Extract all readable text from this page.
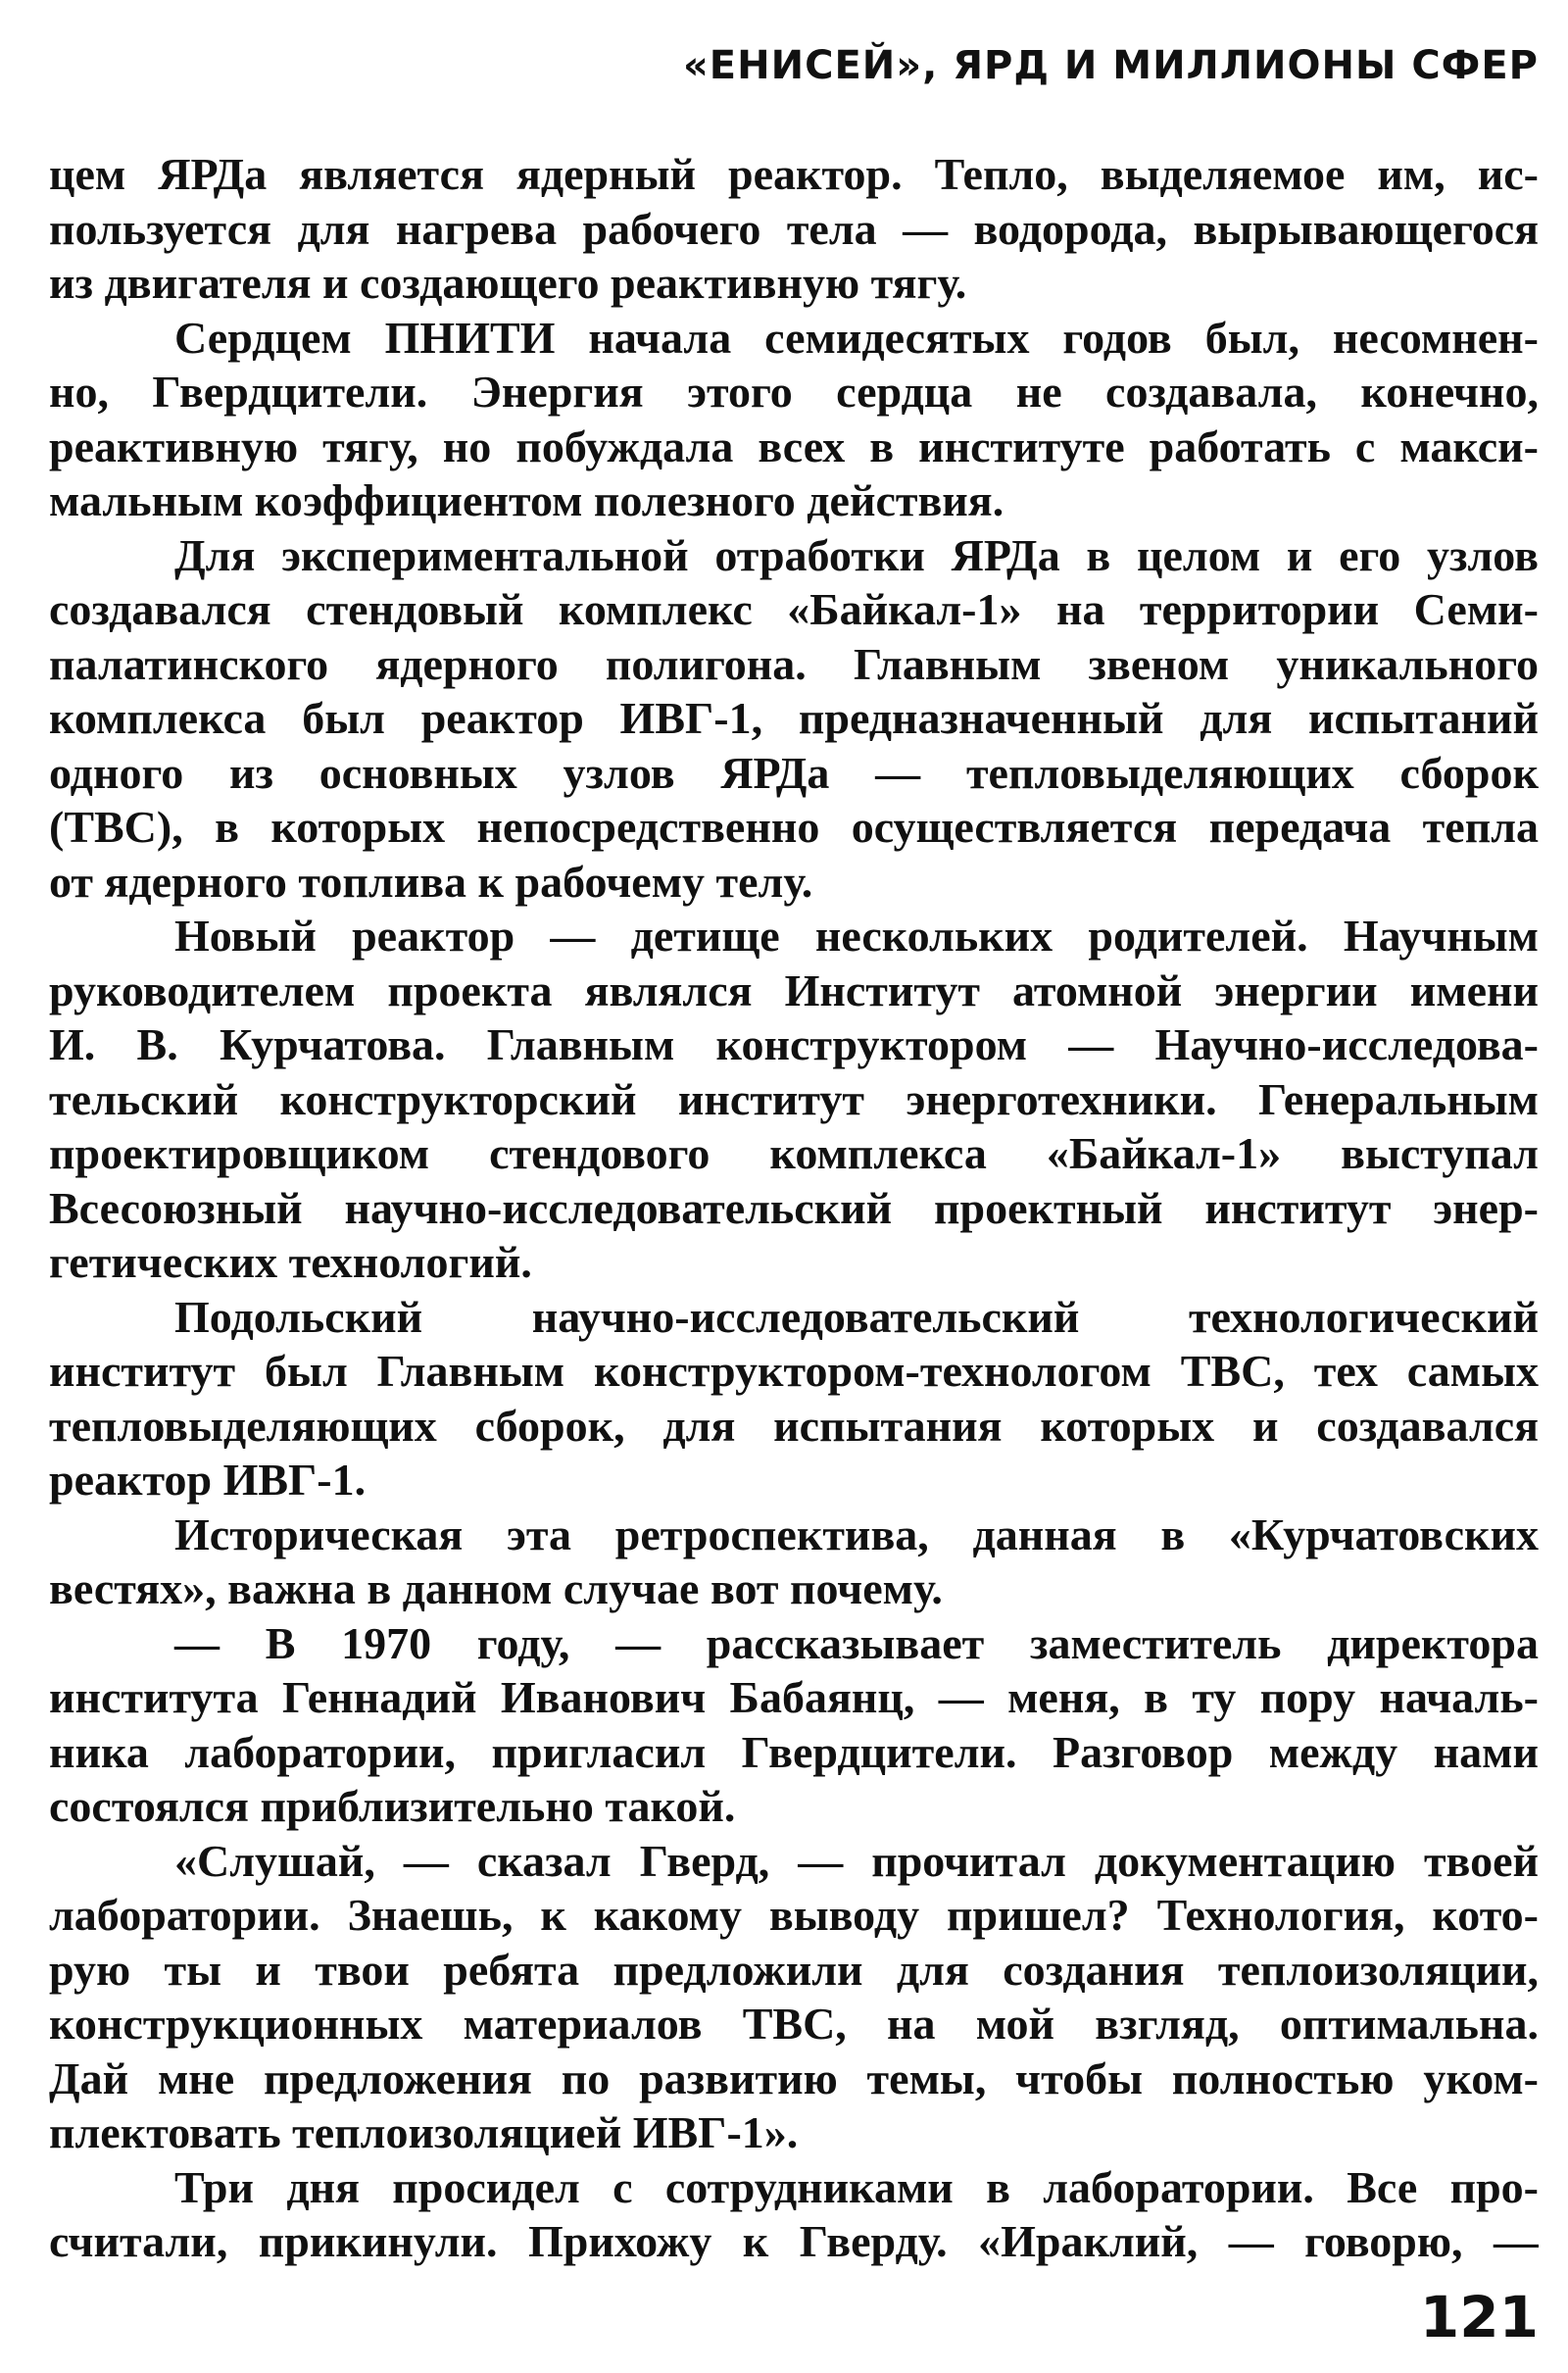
«ЕНИСЕЙ», ЯРД И МИЛЛИОНЫ СФЕР
цем ЯРДа является ядерный реактор. Тепло, выделяемое им, ис-
пользуется для нагрева рабочего тела — водорода, вырывающегося
из двигателя и создающего реактивную тягу.
Сердцем ПНИТИ начала семидесятых годов был, несомнен-
но, Гвердцители. Энергия этого сердца не создавала, конечно,
реактивную тягу, но побуждала всех в институте работать с макси-
мальным коэффициентом полезного действия.
Для экспериментальной отработки ЯРДа в целом и его узлов
создавался стендовый комплекс «Байкал-1» на территории Семи-
палатинского ядерного полигона. Главным звеном уникального
комплекса был реактор ИВГ-1, предназначенный для испытаний
одного из основных узлов ЯРДа — тепловыделяющих сборок
(ТВС), в которых непосредственно осуществляется передача тепла
от ядерного топлива к рабочему телу.
Новый реактор — детище нескольких родителей. Научным
руководителем проекта являлся Институт атомной энергии имени
И. В. Курчатова. Главным конструктором — Научно-исследова-
тельский конструкторский институт энерготехники. Генеральным
проектировщиком стендового комплекса «Байкал-1» выступал
Всесоюзный научно-исследовательский проектный институт энер-
гетических технологий.
Подольский научно-исследовательский технологический
институт был Главным конструктором-технологом ТВС, тех самых
тепловыделяющих сборок, для испытания которых и создавался
реактор ИВГ-1.
Историческая эта ретроспектива, данная в «Курчатовских
вестях», важна в данном случае вот почему.
— В 1970 году, — рассказывает заместитель директора
института Геннадий Иванович Бабаянц, — меня, в ту пору началь-
ника лаборатории, пригласил Гвердцители. Разговор между нами
состоялся приблизительно такой.
«Слушай, — сказал Гверд, — прочитал документацию твоей
лаборатории. Знаешь, к какому выводу пришел? Технология, кото-
рую ты и твои ребята предложили для создания теплоизоляции,
конструкционных материалов ТВС, на мой взгляд, оптимальна.
Дай мне предложения по развитию темы, чтобы полностью уком-
плектовать теплоизоляцией ИВГ-1».
Три дня просидел с сотрудниками в лаборатории. Все про-
считали, прикинули. Прихожу к Гверду. «Ираклий, — говорю, —
121
